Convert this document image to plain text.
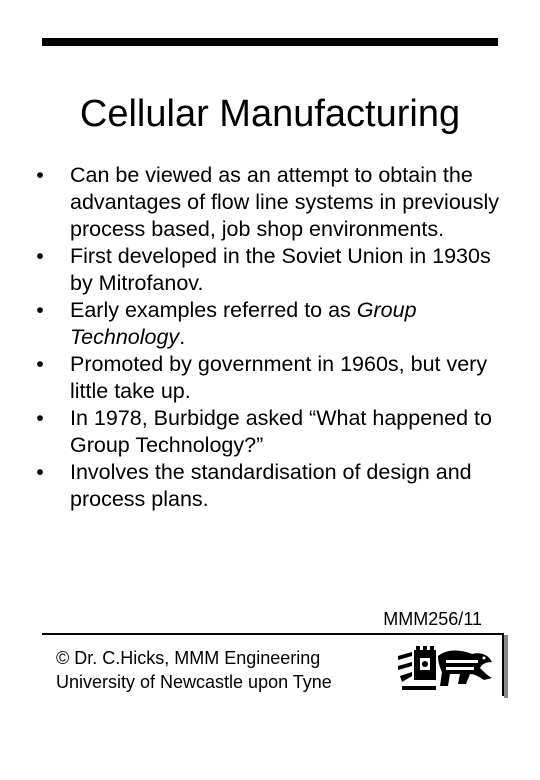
Cellular Manufacturing
• Can be viewed as an attempt to obtain the advantages of flow line systems in previously process based, job shop environments.
• First developed in the Soviet Union in 1930s by Mitrofanov.
• Early examples referred to as Group Technology.
• Promoted by government in 1960s, but very little take up.
• In 1978, Burbidge asked “What happened to Group Technology?”
• Involves the standardisation of design and process plans.
MMM256/11
© Dr. C.Hicks, MMM Engineering
University of Newcastle upon Tyne
